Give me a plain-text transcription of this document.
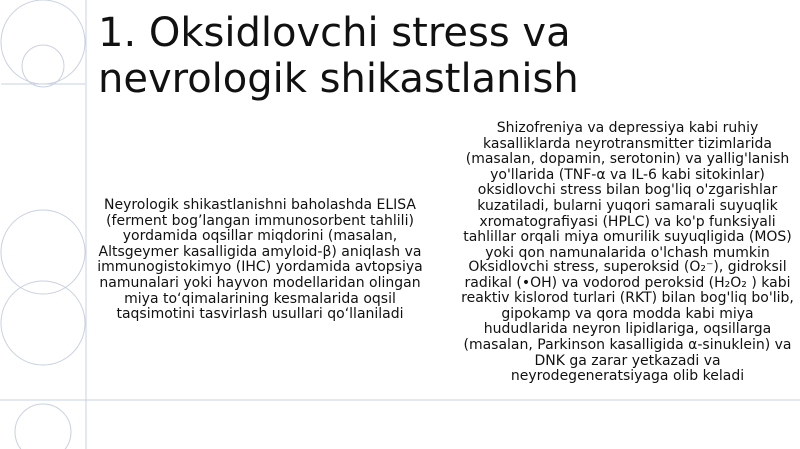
1. Oksidlovchi stress va
nevrologik shikastlanish

Neyrologik shikastlanishni baholashda ELISA (ferment bog’langan immunosorbent tahlili) yordamida oqsillar miqdorini (masalan, Altsgeymer kasalligida amyloid-β) aniqlash va immunogistokimyo (IHC) yordamida avtopsiya namunalari yoki hayvon modellaridan olingan miya to‘qimalarining kesmalarida oqsil taqsimotini tasvirlash usullari qo‘llaniladi

Shizofreniya va depressiya kabi ruhiy kasalliklarda neyrotransmitter tizimlarida (masalan, dopamin, serotonin) va yallig'lanish yo'llarida (TNF-α va IL-6 kabi sitokinlar) oksidlovchi stress bilan bog'liq o'zgarishlar kuzatiladi, bularni yuqori samarali suyuqlik xromatografiyasi (HPLC) va ko'p funksiyali tahlillar orqali miya omurilik suyuqligida (MOS) yoki qon namunalarida o'lchash mumkin

Oksidlovchi stress, superoksid (O₂⁻), gidroksil radikal (•OH) va vodorod peroksid (H₂O₂ ) kabi reaktiv kislorod turlari (RKT) bilan bog'liq bo'lib, gipokamp va qora modda kabi miya hududlarida neyron lipidlariga, oqsillarga (masalan, Parkinson kasalligida α-sinuklein) va DNK ga zarar yetkazadi va neyrodegeneratsiyaga olib keladi
